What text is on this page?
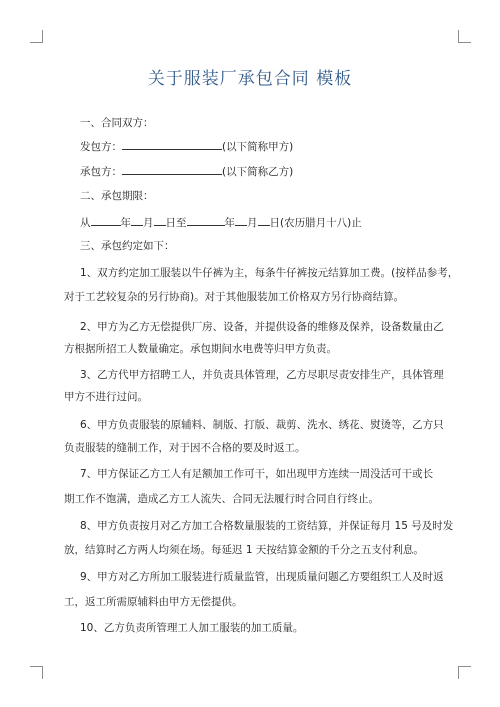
关于服装厂承包合同 模板
一、合同双方：
发包方：	(以下简称甲方)
承包方：	(以下简称乙方)
二、承包期限：
从	年 月 日至	年 月 日(农历腊月十八)止
三、承包约定如下：
1、双方约定加工服装以牛仔裤为主，每条牛仔裤按元结算加工费。(按样品参考，
对于工艺较复杂的另行协商)。对于其他服装加工价格双方另行协商结算。
2、甲方为乙方无偿提供厂房、设备，并提供设备的维修及保养，设备数量由乙
方根据所招工人数量确定。承包期间水电费等归甲方负责。
3、乙方代甲方招聘工人，并负责具体管理，乙方尽职尽责安排生产，具体管理
甲方不进行过问。
6、甲方负责服装的原辅料、制版、打版、裁剪、洗水、绣花、熨烫等，乙方只
负责服装的缝制工作，对于因不合格的要及时返工。
7、甲方保证乙方工人有足额加工作可干，如出现甲方连续一周没活可干或长
期工作不饱满，造成乙方工人流失、合同无法履行时合同自行终止。
8、甲方负责按月对乙方加工合格数量服装的工资结算，并保证每月 15 号及时发
放，结算时乙方两人均须在场。每延迟 1 天按结算金额的千分之五支付利息。
9、甲方对乙方所加工服装进行质量监管，出现质量问题乙方要组织工人及时返
工，返工所需原辅料由甲方无偿提供。
10、乙方负责所管理工人加工服装的加工质量。
